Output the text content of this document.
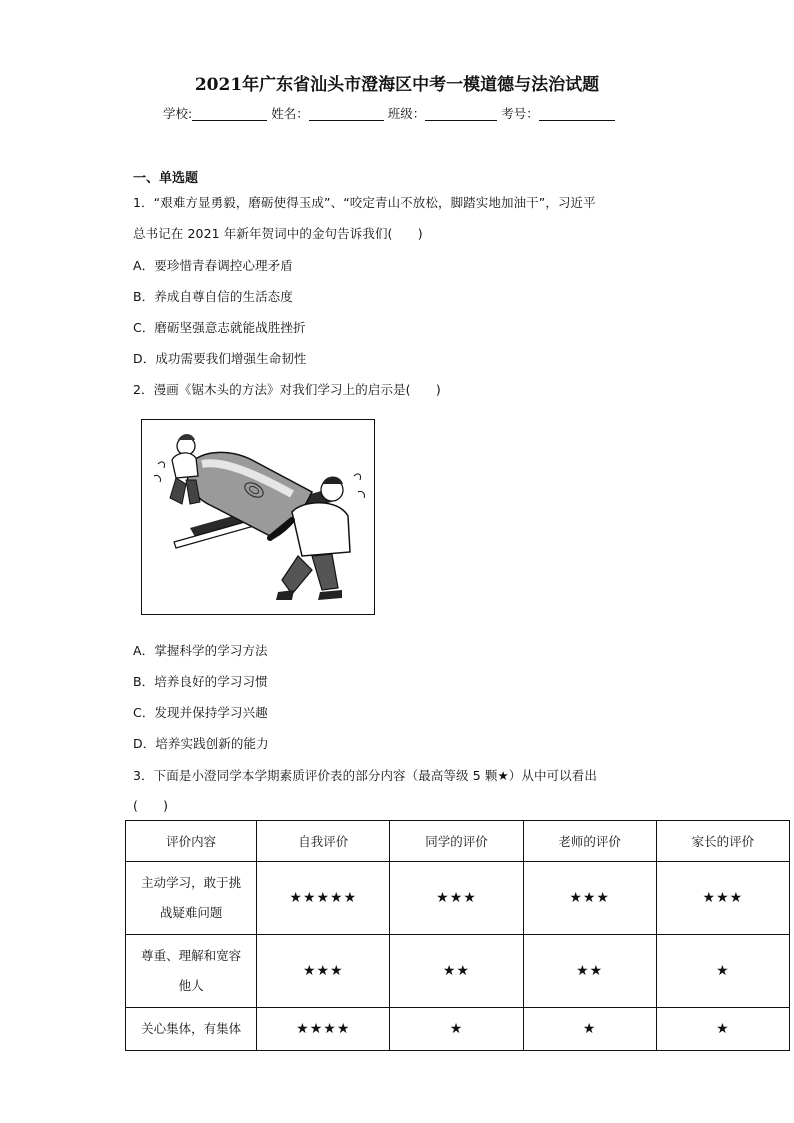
2021年广东省汕头市澄海区中考一模道德与法治试题
学校:	姓名：	班级：	考号：
一、单选题
1．“艰难方显勇毅，磨砺使得玉成”、“咬定青山不放松，脚踏实地加油干”，习近平
总书记在 2021 年新年贺词中的金句告诉我们(　　)
A．要珍惜青春调控心理矛盾
B．养成自尊自信的生活态度
C．磨砺坚强意志就能战胜挫折
D．成功需要我们增强生命韧性
2．漫画《锯木头的方法》对我们学习上的启示是(　　)
A．掌握科学的学习方法
B．培养良好的学习习惯
C．发现并保持学习兴趣
D．培养实践创新的能力
3．下面是小澄同学本学期素质评价表的部分内容（最高等级 5 颗★）从中可以看出
(　　)
评价内容	自我评价	同学的评价	老师的评价	家长的评价

主动学习，敢于挑
战疑难问题	★★★★★	★★★	★★★	★★★

尊重、理解和宽容
他人	★★★	★★	★★	★

关心集体，有集体	★★★★	★	★	★
